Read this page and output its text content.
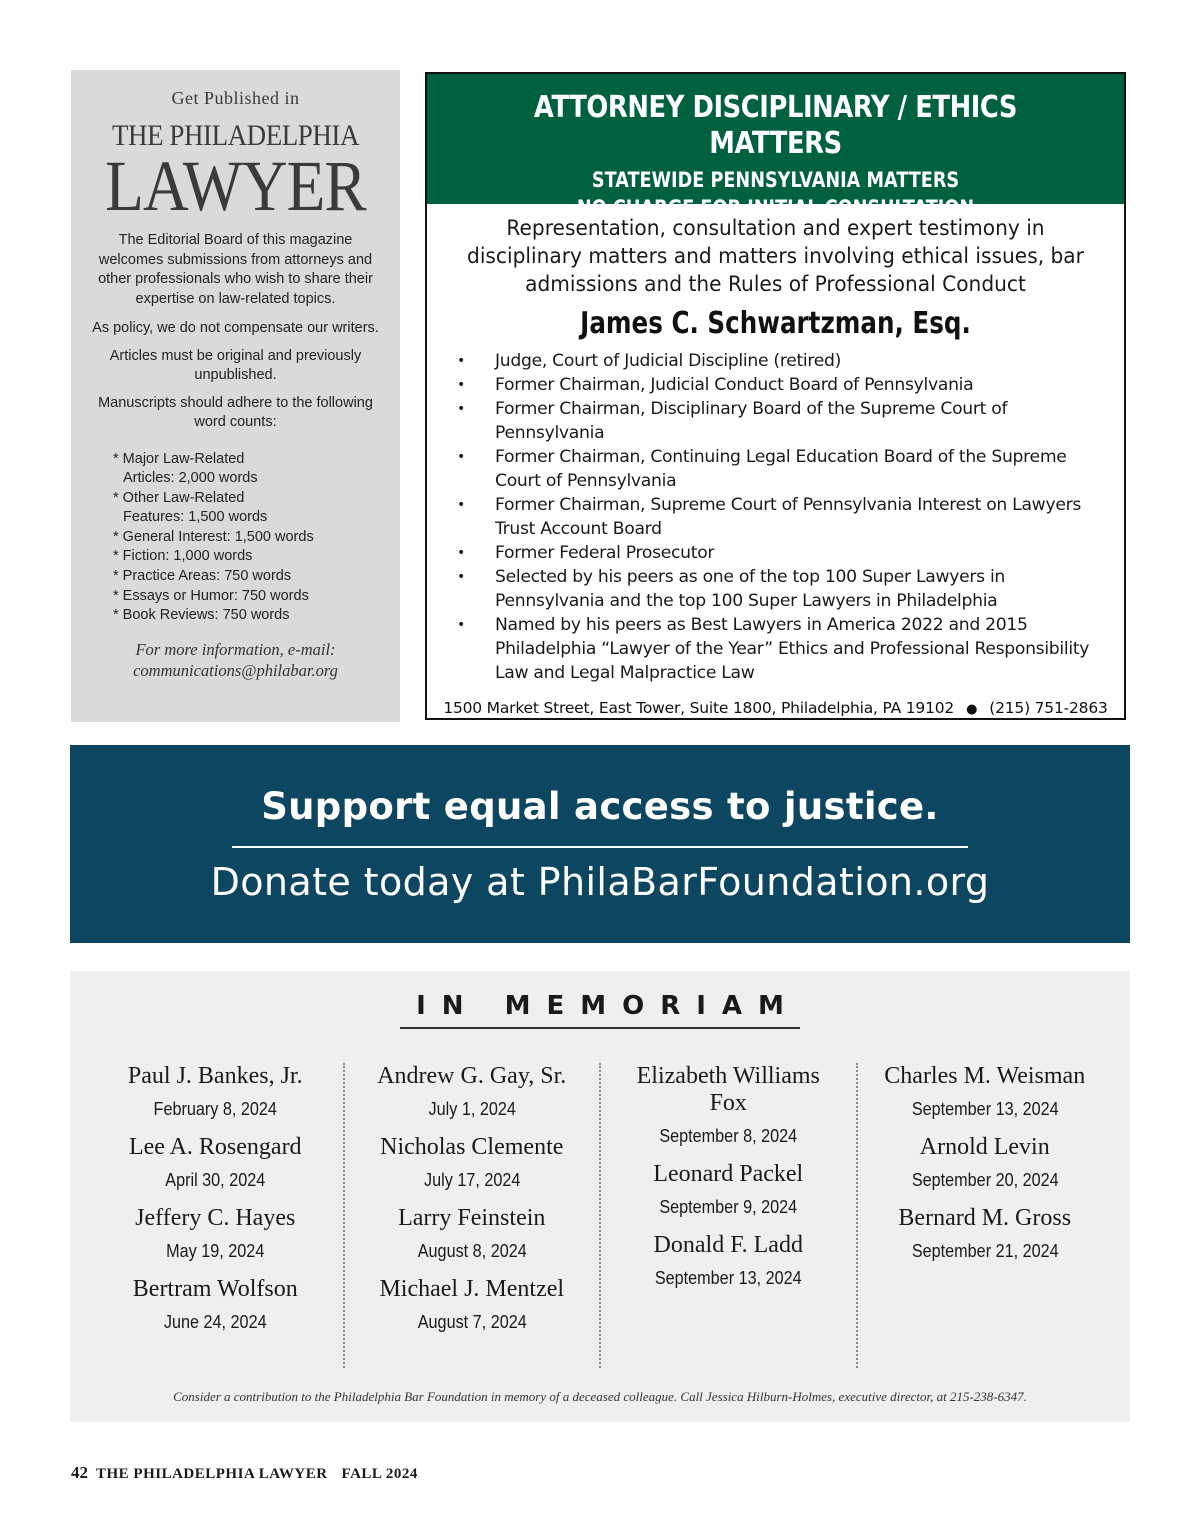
Get Published in
THE PHILADELPHIA
LAWYER

The Editorial Board of this magazine welcomes submissions from attorneys and other professionals who wish to share their expertise on law-related topics.

As policy, we do not compensate our writers.

Articles must be original and previously unpublished.

Manuscripts should adhere to the following word counts:

* Major Law-Related
Articles: 2,000 words
* Other Law-Related
Features: 1,500 words
* General Interest: 1,500 words
* Fiction: 1,000 words
* Practice Areas: 750 words
* Essays or Humor: 750 words
* Book Reviews: 750 words
For more information, e-mail:
communications@philabar.org
ATTORNEY DISCIPLINARY / ETHICS MATTERS
STATEWIDE PENNSYLVANIA MATTERS
NO CHARGE FOR INITIAL CONSULTATION
Representation, consultation and expert testimony in disciplinary matters and matters involving ethical issues, bar admissions and the Rules of Professional Conduct
James C. Schwartzman, Esq.
• Judge, Court of Judicial Discipline (retired)
• Former Chairman, Judicial Conduct Board of Pennsylvania
• Former Chairman, Disciplinary Board of the Supreme Court of Pennsylvania
• Former Chairman, Continuing Legal Education Board of the Supreme Court of Pennsylvania
• Former Chairman, Supreme Court of Pennsylvania Interest on Lawyers Trust Account Board
• Former Federal Prosecutor
• Selected by his peers as one of the top 100 Super Lawyers in Pennsylvania and the top 100 Super Lawyers in Philadelphia
• Named by his peers as Best Lawyers in America 2022 and 2015 Philadelphia “Lawyer of the Year” Ethics and Professional Responsibility Law and Legal Malpractice Law
1500 Market Street, East Tower, Suite 1800, Philadelphia, PA 19102 ● (215) 751-2863
Support equal access to justice.
Donate today at PhilaBarFoundation.org
IN MEMORIAM
Paul J. Bankes, Jr.
February 8, 2024
Lee A. Rosengard
April 30, 2024
Jeffery C. Hayes
May 19, 2024
Bertram Wolfson
June 24, 2024
Andrew G. Gay, Sr.
July 1, 2024
Nicholas Clemente
July 17, 2024
Larry Feinstein
August 8, 2024
Michael J. Mentzel
August 7, 2024
Elizabeth Williams Fox
September 8, 2024
Leonard Packel
September 9, 2024
Donald F. Ladd
September 13, 2024
Charles M. Weisman
September 13, 2024
Arnold Levin
September 20, 2024
Bernard M. Gross
September 21, 2024
Consider a contribution to the Philadelphia Bar Foundation in memory of a deceased colleague. Call Jessica Hilburn-Holmes, executive director, at 215-238-6347.
42 THE PHILADELPHIA LAWYER FALL 2024
